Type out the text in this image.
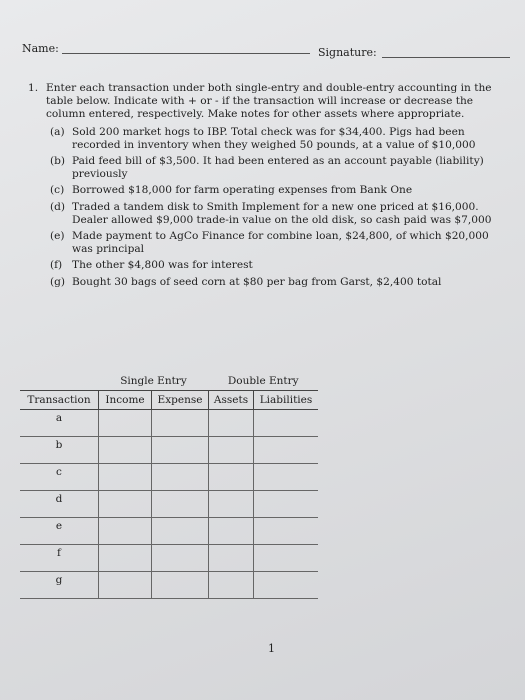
Name:	Signature:
1. Enter each transaction under both single-entry and double-entry accounting in the table below. Indicate with + or - if the transaction will increase or decrease the column entered, respectively. Make notes for other assets where appropriate.
(a) Sold 200 market hogs to IBP. Total check was for $34,400. Pigs had been recorded in inventory when they weighed 50 pounds, at a value of $10,000
(b) Paid feed bill of $3,500. It had been entered as an account payable (liability) previously
(c) Borrowed $18,000 for farm operating expenses from Bank One
(d) Traded a tandem disk to Smith Implement for a new one priced at $16,000. Dealer allowed $9,000 trade-in value on the old disk, so cash paid was $7,000
(e) Made payment to AgCo Finance for combine loan, $24,800, of which $20,000 was principal
(f) The other $4,800 was for interest
(g) Bought 30 bags of seed corn at $80 per bag from Garst, $2,400 total
	Single Entry		Double Entry	
Transaction	Income	Expense	Assets	Liabilities
a				
b				
c				
d				
e				
f				
g				
1
